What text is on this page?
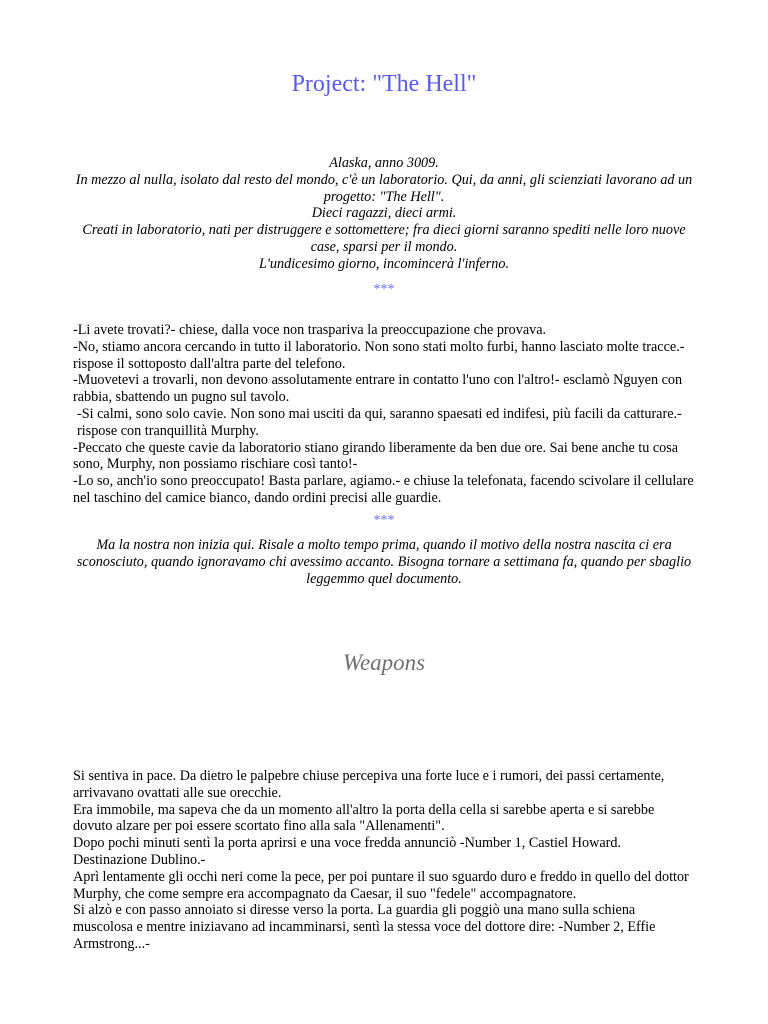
Project: "The Hell"
Alaska, anno 3009.
In mezzo al nulla, isolato dal resto del mondo, c'è un laboratorio. Qui, da anni, gli scienziati lavorano ad un progetto: "The Hell".
Dieci ragazzi, dieci armi.
Creati in laboratorio, nati per distruggere e sottomettere; fra dieci giorni saranno spediti nelle loro nuove case, sparsi per il mondo.
L'undicesimo giorno, incomincerà l'inferno.
***

-Li avete trovati?- chiese, dalla voce non traspariva la preoccupazione che provava.

-No, stiamo ancora cercando in tutto il laboratorio. Non sono stati molto furbi, hanno lasciato molte tracce.- rispose il sottoposto dall'altra parte del telefono.

-Muovetevi a trovarli, non devono assolutamente entrare in contatto l'uno con l'altro!- esclamò Nguyen con rabbia, sbattendo un pugno sul tavolo.

-Si calmi, sono solo cavie. Non sono mai usciti da qui, saranno spaesati ed indifesi, più facili da catturare.- rispose con tranquillità Murphy.

-Peccato che queste cavie da laboratorio stiano girando liberamente da ben due ore. Sai bene anche tu cosa sono, Murphy, non possiamo rischiare così tanto!-

-Lo so, anch'io sono preoccupato! Basta parlare, agiamo.- e chiuse la telefonata, facendo scivolare il cellulare nel taschino del camice bianco, dando ordini precisi alle guardie.

***
Ma la nostra non inizia qui. Risale a molto tempo prima, quando il motivo della nostra nascita ci era sconosciuto, quando ignoravamo chi avessimo accanto. Bisogna tornare a settimana fa, quando per sbaglio leggemmo quel documento.
Weapons

Si sentiva in pace. Da dietro le palpebre chiuse percepiva una forte luce e i rumori, dei passi certamente, arrivavano ovattati alle sue orecchie.

Era immobile, ma sapeva che da un momento all'altro la porta della cella si sarebbe aperta e si sarebbe dovuto alzare per poi essere scortato fino alla sala "Allenamenti".

Dopo pochi minuti sentì la porta aprirsi e una voce fredda annunciò -Number 1, Castiel Howard. Destinazione Dublino.-

Aprì lentamente gli occhi neri come la pece, per poi puntare il suo sguardo duro e freddo in quello del dottor Murphy, che come sempre era accompagnato da Caesar, il suo "fedele" accompagnatore.

Si alzò e con passo annoiato si diresse verso la porta. La guardia gli poggiò una mano sulla schiena muscolosa e mentre iniziavano ad incamminarsi, sentì la stessa voce del dottore dire: -Number 2, Effie Armstrong...-
